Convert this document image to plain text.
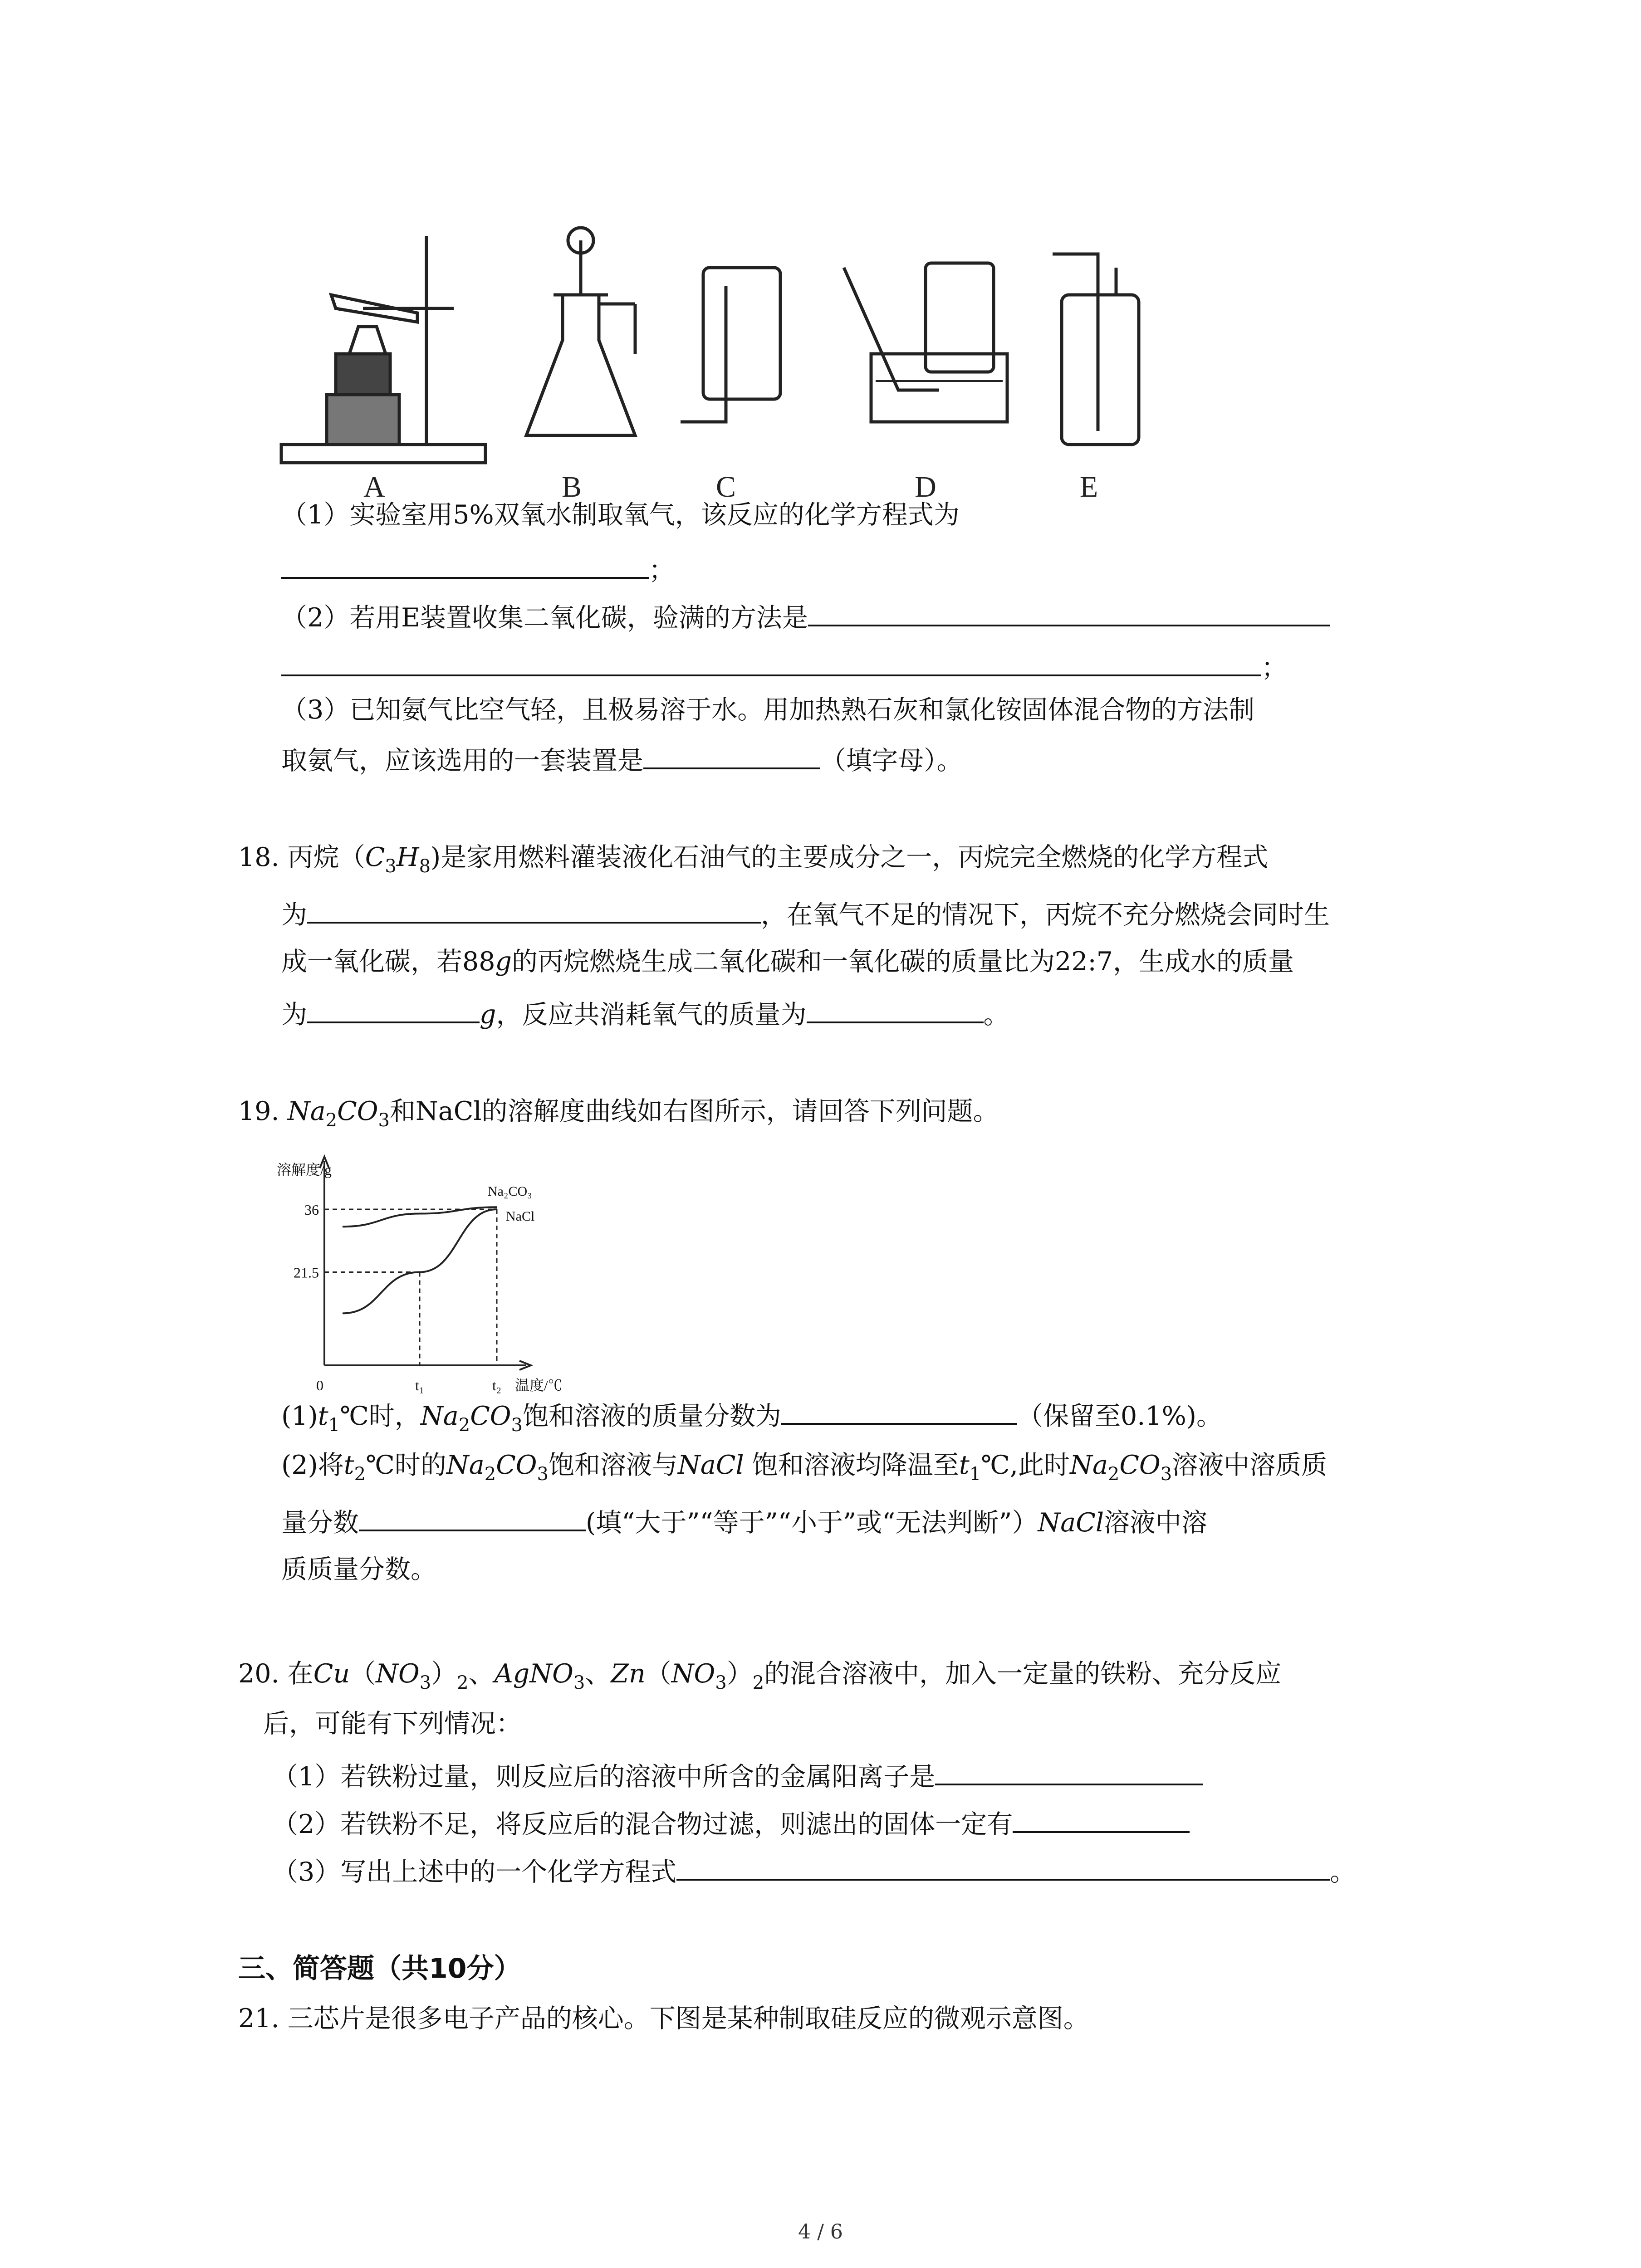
A	B	C	D	E
（1）实验室用5%双氧水制取氧气，该反应的化学方程式为
；
（2）若用E装置收集二氧化碳，验满的方法是
；
（3）已知氨气比空气轻，且极易溶于水。用加热熟石灰和氯化铵固体混合物的方法制
取氨气，应该选用的一套装置是	（填字母）。
18. 丙烷$(C_3H_8)$是家用燃料灌装液化石油气的主要成分之一，丙烷完全燃烧的化学方程式
为	，在氧气不足的情况下，丙烷不充分燃烧会同时生
成一氧化碳，若88g的丙烷燃烧生成二氧化碳和一氧化碳的质量比为22:7，生成水的质量
为	g，反应共消耗氧气的质量为	。
19. $Na_2CO_3$和NaCl的溶解度曲线如右图所示，请回答下列问题。
Na₂CO₃
NaCl
21.5
36
0	t₁	t₂ 温度/℃
溶解度/g
$(1)t_1℃$时，$Na_2CO_3$饱和溶液的质量分数为	（保留至0.1%)。
(2)将$t_2℃$时的$Na_2CO_3$饱和溶液与NaCl 饱和溶液均降温至$t_1℃$,此时$Na_2CO_3$溶液中溶质质
量分数	(填“大于”“等于”“小于”或“无法判断”）NaCl溶液中溶
质质量分数。
20. 在$Cu(NO_3)_2$、AgNO$_3$、$Zn(NO_3)_2$的混合溶液中，加入一定量的铁粉、充分反应
后，可能有下列情况：
（1）若铁粉过量，则反应后的溶液中所含的金属阳离子是
（2）若铁粉不足，将反应后的混合物过滤，则滤出的固体一定有
（3）写出上述中的一个化学方程式	。
三、简答题（共10分）
21. 三芯片是很多电子产品的核心。下图是某种制取硅反应的微观示意图。
4 / 6
